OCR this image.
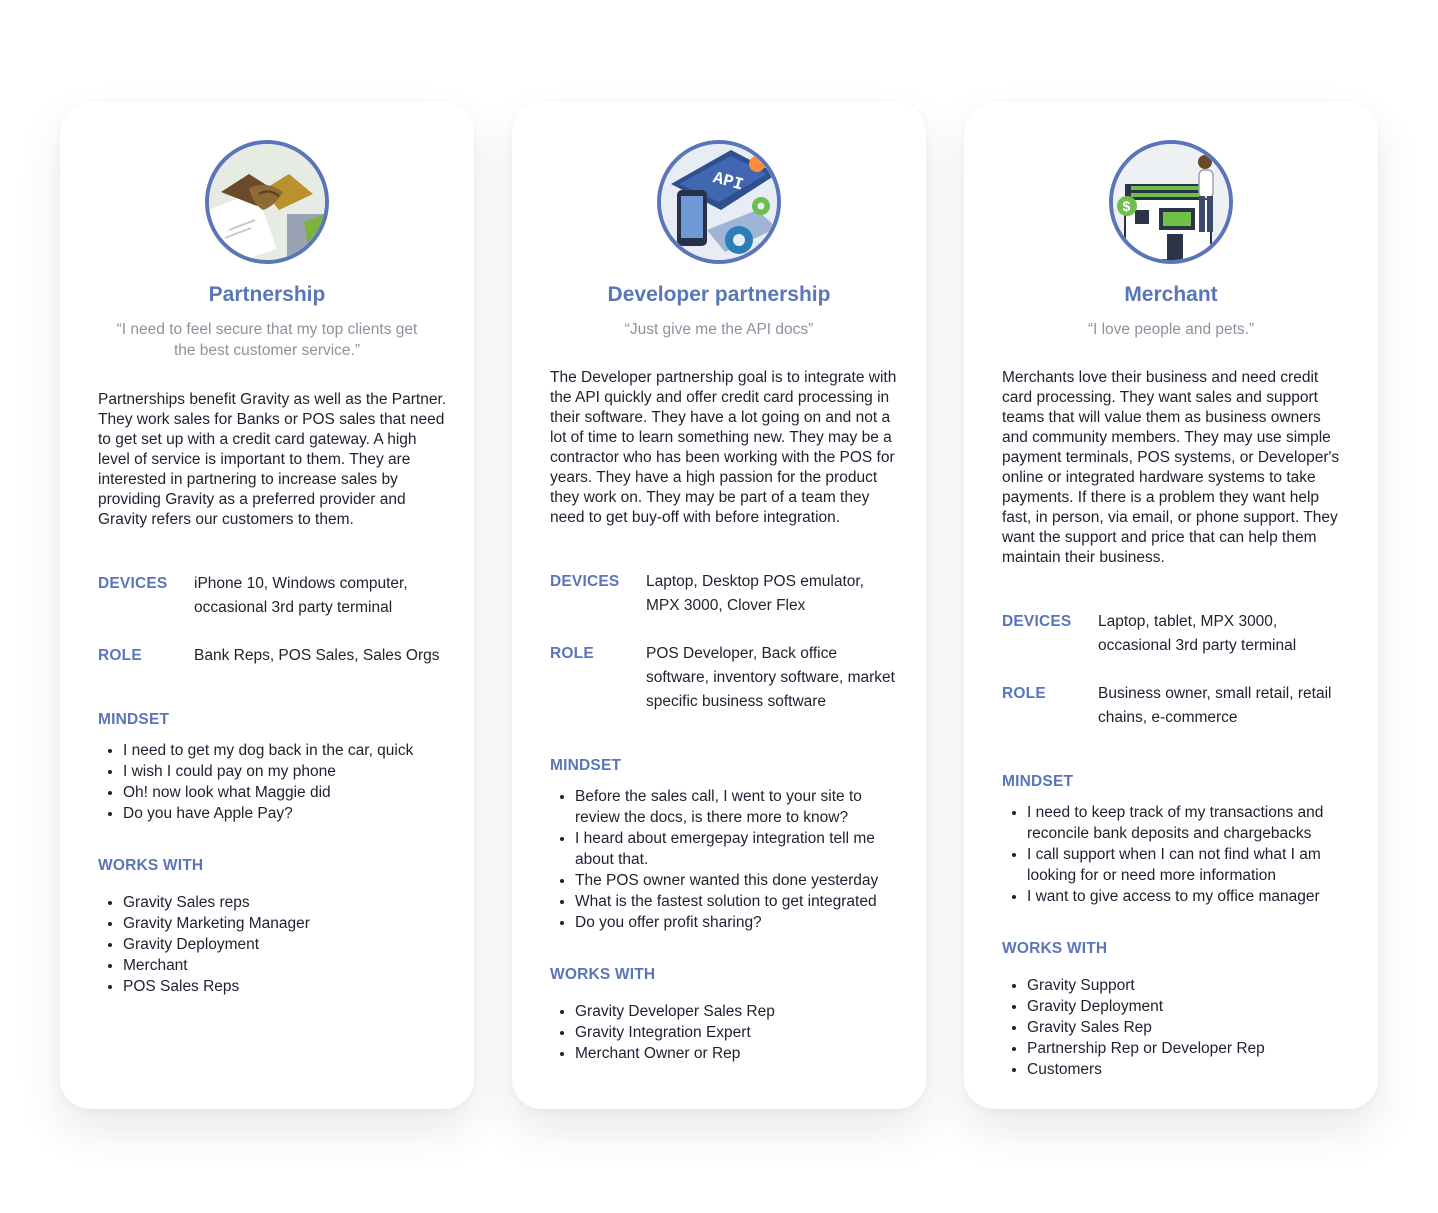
Partnership
“I need to feel secure that my top clients get the best customer service.”

Partnerships benefit Gravity as well as the Partner. They work sales for Banks or POS sales that need to get set up with a credit card gateway. A high level of service is important to them. They are interested in partnering to increase sales by providing Gravity as a preferred provider and Gravity refers our customers to them.

DEVICES	iPhone 10, Windows computer, occasional 3rd party terminal
ROLE	Bank Reps, POS Sales, Sales Orgs
MINDSET
• I need to get my dog back in the car, quick
• I wish I could pay on my phone
• Oh! now look what Maggie did
• Do you have Apple Pay?
WORKS WITH
• Gravity Sales reps
• Gravity Marketing Manager
• Gravity Deployment
• Merchant
• POS Sales Reps
API
Developer partnership
“Just give me the API docs”

The Developer partnership goal is to integrate with the API quickly and offer credit card processing in their software. They have a lot going on and not a lot of time to learn something new. They may be a contractor who has been working with the POS for years. They have a high passion for the product they work on. They may be part of a team they need to get buy-off with before integration.

DEVICES	Laptop, Desktop POS emulator, MPX 3000, Clover Flex
ROLE	POS Developer, Back office software, inventory software, market specific business software
MINDSET
• Before the sales call, I went to your site to review the docs, is there more to know?
• I heard about emergepay integration tell me about that.
• The POS owner wanted this done yesterday
• What is the fastest solution to get integrated
• Do you offer profit sharing?
WORKS WITH
• Gravity Developer Sales Rep
• Gravity Integration Expert
• Merchant Owner or Rep
$
Merchant
“I love people and pets.”

Merchants love their business and need credit card processing. They want sales and support teams that will value them as business owners and community members. They may use simple payment terminals, POS systems, or Developer's online or integrated hardware systems to take payments. If there is a problem they want help fast, in person, via email, or phone support. They want the support and price that can help them maintain their business.

DEVICES	Laptop, tablet, MPX 3000, occasional 3rd party terminal
ROLE	Business owner, small retail, retail chains, e-commerce
MINDSET
• I need to keep track of my transactions and reconcile bank deposits and chargebacks
• I call support when I can not find what I am looking for or need more information
• I want to give access to my office manager
WORKS WITH
• Gravity Support
• Gravity Deployment
• Gravity Sales Rep
• Partnership Rep or Developer Rep
• Customers
